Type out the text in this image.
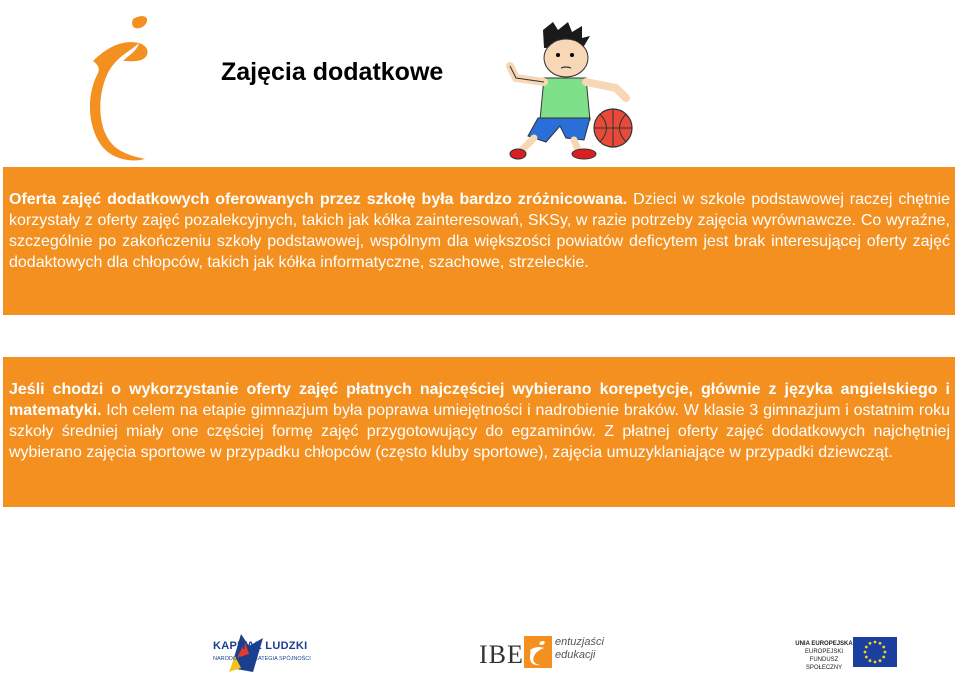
Zajęcia dodatkowe
Oferta zajęć dodatkowych oferowanych przez szkołę była bardzo zróżnicowana. Dzieci w szkole podstawowej raczej chętnie korzystały z oferty zajęć pozalekcyjnych, takich jak kółka zainteresowań, SKSy, w razie potrzeby zajęcia wyrównawcze. Co wyraźne, szczególnie po zakończeniu szkoły podstawowej, wspólnym dla większości powiatów deficytem jest brak interesującej oferty zajęć dodaktowych dla chłopców, takich jak kółka informatyczne, szachowe, strzeleckie.
Jeśli chodzi o wykorzystanie oferty zajęć płatnych najczęściej wybierano korepetycje, głównie z języka angielskiego i matematyki. Ich celem na etapie gimnazjum była poprawa umiejętności i nadrobienie braków. W klasie 3 gimnazjum i ostatnim roku szkoły średniej miały one częściej formę zajęć przygotowujący do egzaminów. Z płatnej oferty zajęć dodatkowych najchętniej wybierano zajęcia sportowe w przypadku chłopców (często kluby sportowe), zajęcia umuzyklaniające w przypadki dziewcząt.
KAPITAŁ LUDZKI
NARODOWA STRATEGIA SPÓJNOŚCI	IBE	entuzjaści
edukacji
UNIA EUROPEJSKA
EUROPEJSKI
FUNDUSZ SPOŁECZNY
